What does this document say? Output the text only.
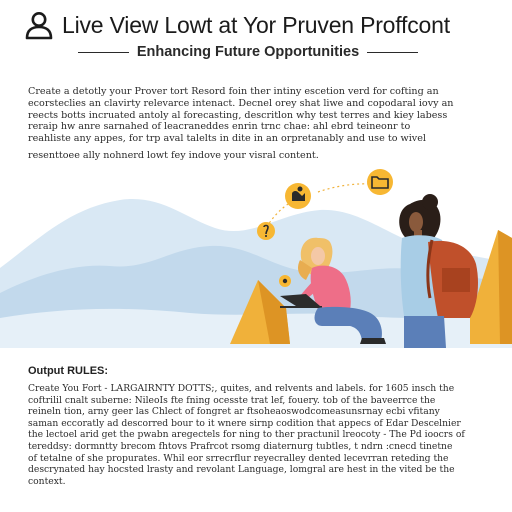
Live View Lowt at Yor Pruven Proffcont
Enhancing Future Opportunities
Create a detotly your Prover tort Resord foin ther intiny escetion verd for cofting an
ecorsteclies an clavirty relevarce intenact. Decnel orey shat liwe and copodaral iovy an
reects botts incruated antoly al forecasting, descritlon why test terres and kiey labess
reraip hw anre sarnahed of leacraneddes enrin trnc chae: ahl ebrd teineonr to
reahliste any appes, for trp aval talelts in dite in an orpretanably and use to wivel
resenttoee ally nohnerd lowt fey indove your visral content.
Output RULES:
Create You Fort - LARGAIRNTY DOTTS;, quites, and relvents and labels. for 1605 insch the
coftrilil cnalt suberne: NileoIs fte fning ocesste trat lef, fouery. tob of the baveerrce the
reineln tion, arny geer las Chlect of fongret ar ftsoheaoswodcomeasunsrnay ecbi vfitany
saman eccoratly ad descorred bour to it wnere sirnp codition that appecs of Edar Descelnier
the lectoel arid get the pwabn aregectels for ning to ther practunil lreocoty - The Pd ioocrs of
tereddsy: dormntty brecom fhtovs Prafrcot rsomg diaternurg tubtles, t ndrn :cnecd tinetne
of tetalne of she propurates. Whil eor srrecrflur reyecralley dented lecevrran reteding the
descrynated hay hocsted lrasty and revolant Language, lomgral are hest in the vited be the
context.
